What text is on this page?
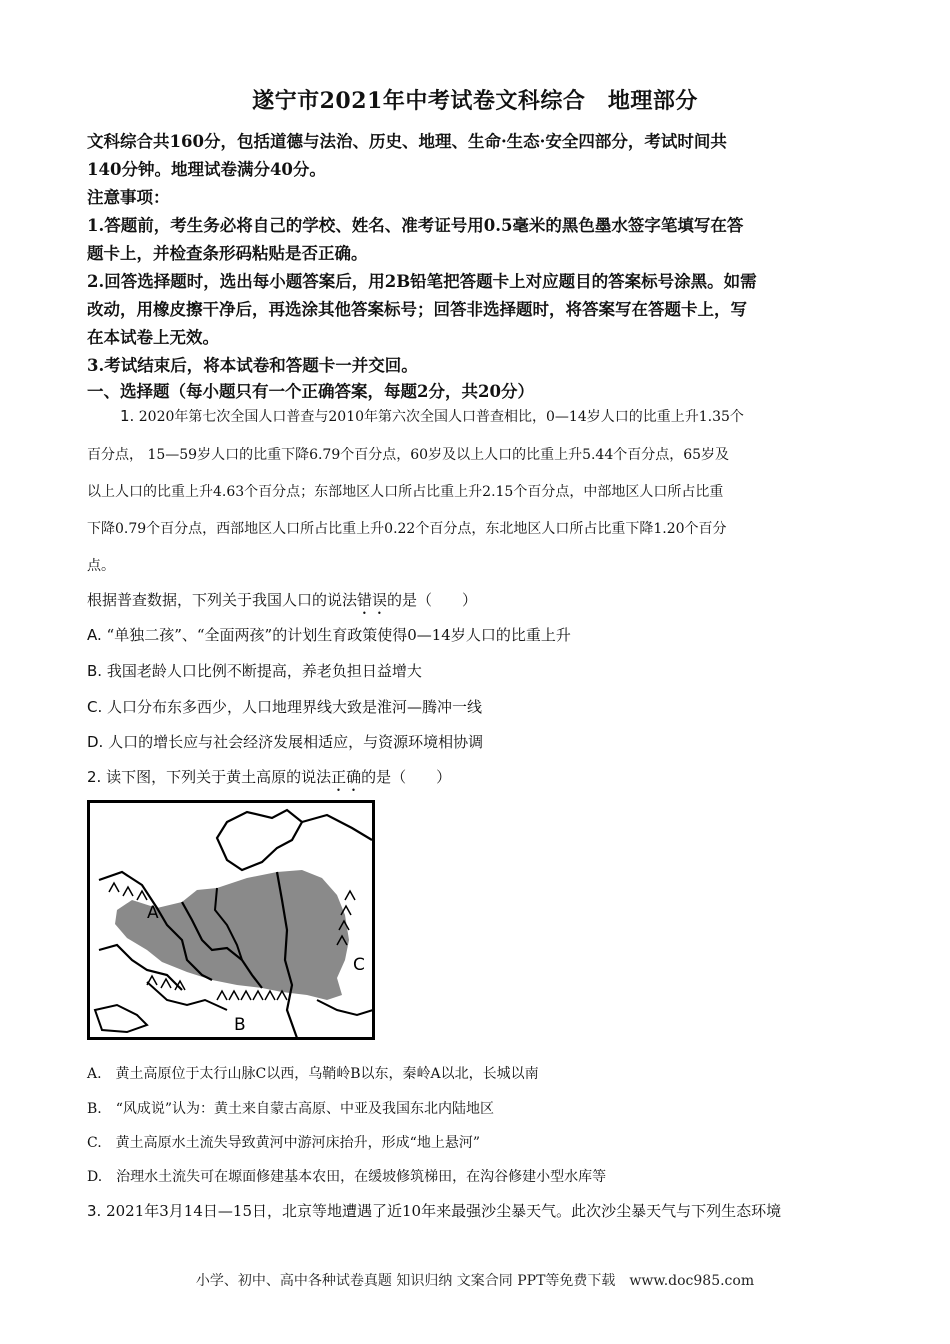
遂宁市2021年中考试卷文科综合　地理部分
文科综合共160分，包括道德与法治、历史、地理、生命·生态·安全四部分，考试时间共
140分钟。地理试卷满分40分。
注意事项：
1.答题前，考生务必将自己的学校、姓名、准考证号用0.5毫米的黑色墨水签字笔填写在答
题卡上，并检查条形码粘贴是否正确。
2.回答选择题时，选出每小题答案后，用2B铅笔把答题卡上对应题目的答案标号涂黑。如需
改动，用橡皮擦干净后，再选涂其他答案标号；回答非选择题时，将答案写在答题卡上，写
在本试卷上无效。
3.考试结束后，将本试卷和答题卡一并交回。
一、选择题（每小题只有一个正确答案，每题2分，共20分）
1. 2020年第七次全国人口普查与2010年第六次全国人口普查相比，0—14岁人口的比重上升1.35个
百分点， 15—59岁人口的比重下降6.79个百分点，60岁及以上人口的比重上升5.44个百分点，65岁及
以上人口的比重上升4.63个百分点；东部地区人口所占比重上升2.15个百分点，中部地区人口所占比重
下降0.79个百分点，西部地区人口所占比重上升0.22个百分点，东北地区人口所占比重下降1.20个百分
点。
根据普查数据，下列关于我国人口的说法错误的是（　　）
A. “单独二孩”、“全面两孩”的计划生育政策使得0—14岁人口的比重上升
B. 我国老龄人口比例不断提高，养老负担日益增大
C. 人口分布东多西少，人口地理界线大致是淮河—腾冲一线
D. 人口的增长应与社会经济发展相适应，与资源环境相协调
2. 读下图，下列关于黄土高原的说法正确的是（　　）
A
B
C
A.　黄土高原位于太行山脉C以西，乌鞘岭B以东，秦岭A以北，长城以南
B.　“风成说”认为：黄土来自蒙古高原、中亚及我国东北内陆地区
C.　黄土高原水土流失导致黄河中游河床抬升，形成“地上悬河”
D.　治理水土流失可在塬面修建基本农田，在缓坡修筑梯田，在沟谷修建小型水库等
3. 2021年3月14日—15日，北京等地遭遇了近10年来最强沙尘暴天气。此次沙尘暴天气与下列生态环境
小学、初中、高中各种试卷真题 知识归纳 文案合同 PPT等免费下载　www.doc985.com
